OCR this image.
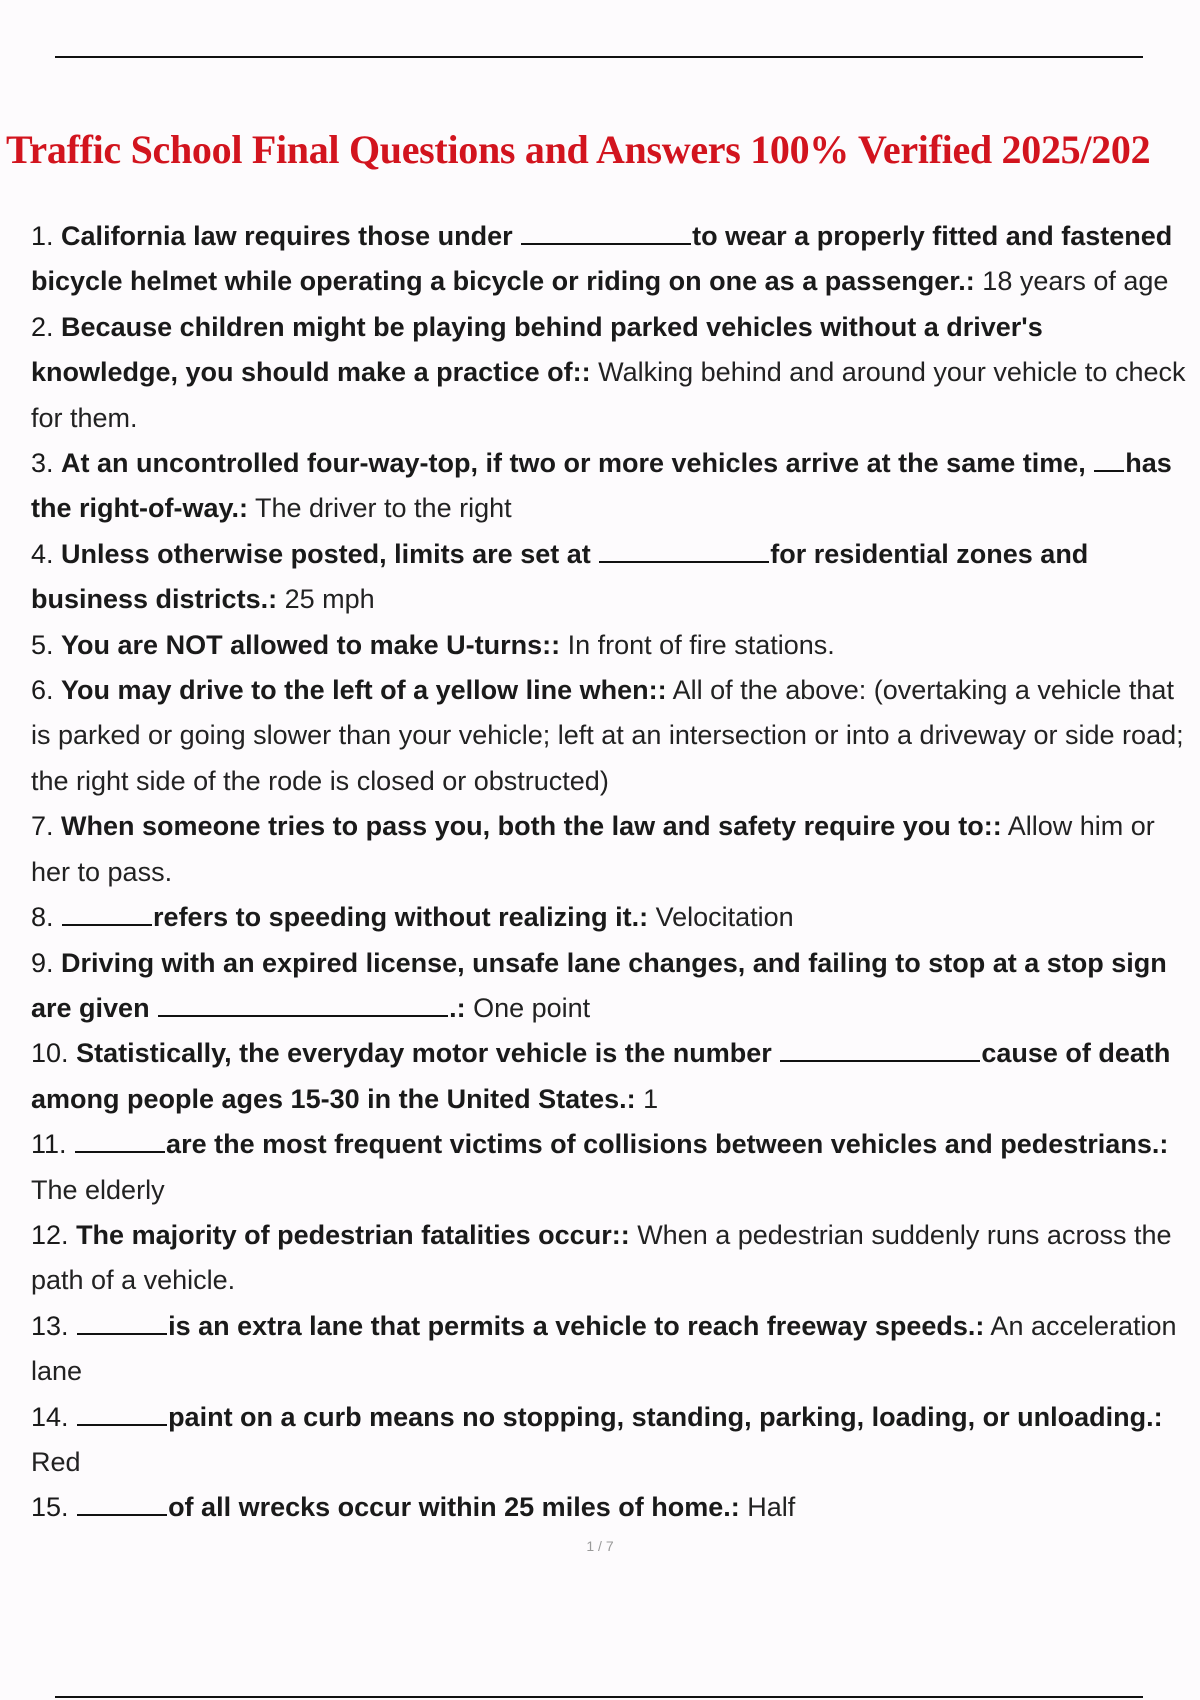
Traffic School Final Questions and Answers 100% Verified 2025/202

1. California law requires those under	to wear a properly fitted and fastened bicycle helmet while operating a bicycle or riding on one as a passenger.: 18 years of age

2. Because children might be playing behind parked vehicles without a driver's knowledge, you should make a practice of:: Walking behind and around your vehicle to check for them.

3. At an uncontrolled four-way-top, if two or more vehicles arrive at the same time, has the right-of-way.: The driver to the right

4. Unless otherwise posted, limits are set at	for residential zones and business districts.: 25 mph

5. You are NOT allowed to make U-turns:: In front of fire stations.

6. You may drive to the left of a yellow line when:: All of the above: (overtaking a vehicle that is parked or going slower than your vehicle; left at an intersection or into a driveway or side road; the right side of the rode is closed or obstructed)

7. When someone tries to pass you, both the law and safety require you to:: Allow him or her to pass.

8.	refers to speeding without realizing it.: Velocitation

9. Driving with an expired license, unsafe lane changes, and failing to stop at a stop sign are given	.: One point

10. Statistically, the everyday motor vehicle is the number	cause of death among people ages 15-30 in the United States.: 1

11.	are the most frequent victims of collisions between vehicles and pedestrians.: The elderly

12. The majority of pedestrian fatalities occur:: When a pedestrian suddenly runs across the path of a vehicle.

13.	is an extra lane that permits a vehicle to reach freeway speeds.: An acceleration lane

14.	paint on a curb means no stopping, standing, parking, loading, or unloading.: Red

15.	of all wrecks occur within 25 miles of home.: Half

1 / 7
